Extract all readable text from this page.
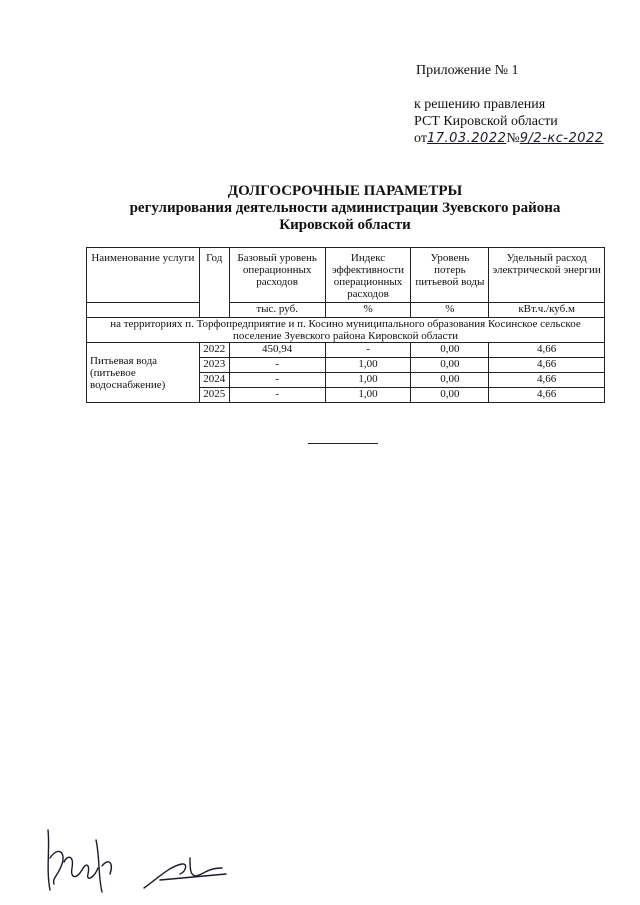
Приложение № 1
к решению правления
РСТ Кировской области
от17.03.2022№9/2-кс-2022
ДОЛГОСРОЧНЫЕ ПАРАМЕТРЫ
регулирования деятельности администрации Зуевского района
Кировской области
Наименование услуги	Год	Базовый уровень операционных расходов	Индекс эффективности операционных расходов	Уровень потерь питьевой воды	Удельный расход электрической энергии
		тыс. руб.	%	%	кВт.ч./куб.м
на территориях п. Торфопредприятие и п. Косино муниципального образования Косинское сельское поселение Зуевского района Кировской области					
Питьевая вода (питьевое водоснабжение)	2022	450,94	-	0,00	4,66
	2023	-	1,00	0,00	4,66
	2024	-	1,00	0,00	4,66
	2025	-	1,00	0,00	4,66
